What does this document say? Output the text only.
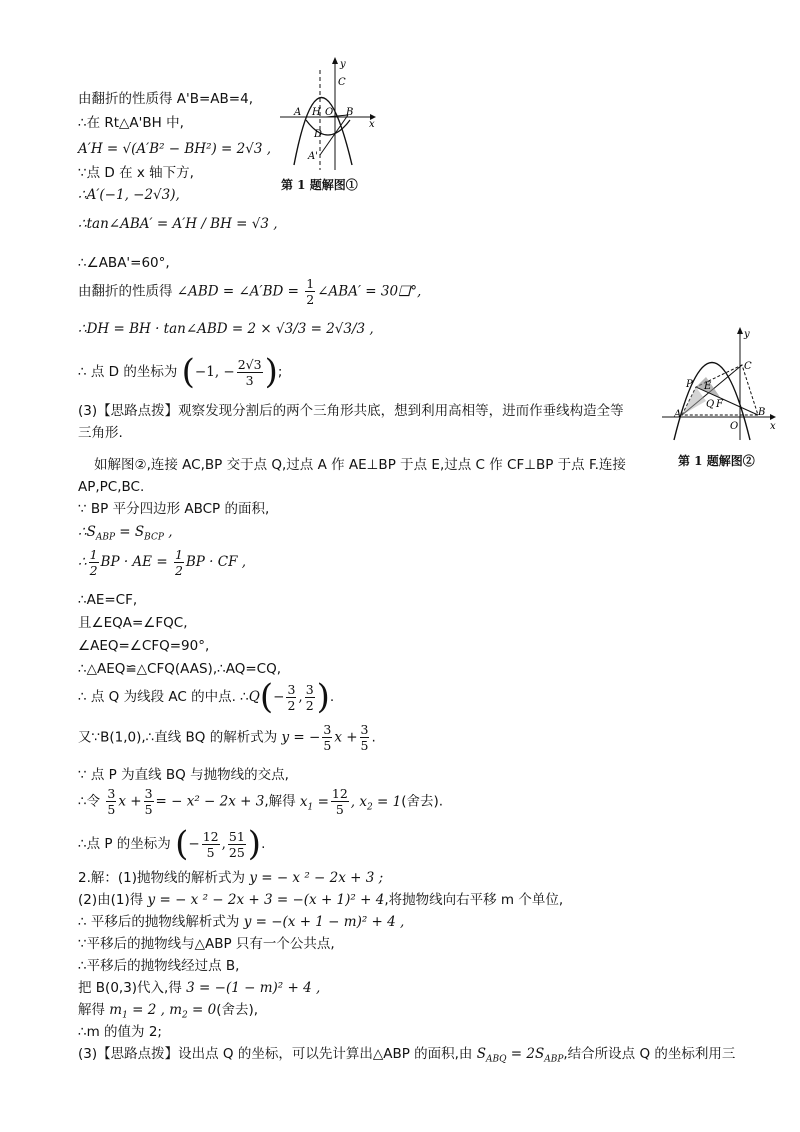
y
C
A H O B
x
D
A'
第 1 题解图①
y
C
P E
Q F
A
O
B
x
第 1 题解图②
由翻折的性质得 A'B=AB=4,
∴在 Rt△A'BH 中,
A′H = √(A′B² − BH²) = 2√3 ,
∵点 D 在 x 轴下方,
∴A′(−1, −2√3),
∴tan∠ABA′ = A′H / BH = √3 ,
∴∠ABA'=60°,
由翻折的性质得 ∠ABD = ∠A′BD = $\frac{1}{2}$ ∠ABA′ = 30❑°,
∴DH = BH · tan∠ABD = 2 × √3/3 = 2√3/3 ,
∴ 点 D 的坐标为 (−1, − $\frac{2√3}{3}$ );
(3)【思路点拨】观察发现分割后的两个三角形共底，想到利用高相等，进而作垂线构造全等
三角形.
如解图②,连接 AC,BP 交于点 Q,过点 A 作 AE⊥BP 于点 E,过点 C 作 CF⊥BP 于点 F.连接
AP,PC,BC.
∵ BP 平分四边形 ABCP 的面积,
$\therefore S_{ABP} = S_{BCP}$ ,
∴ $\frac{1}{2}$ BP · AE = $\frac{1}{2}$ BP · CF ,
∴AE=CF,
且∠EQA=∠FQC,
∠AEQ=∠CFQ=90°,
∴△AEQ≌△CFQ(AAS),∴AQ=CQ,
∴ 点 Q 为线段 AC 的中点. ∴Q(− $\frac{3}{2}$ , $\frac{3}{2}$ ).
又∵B(1,0),∴直线 BQ 的解析式为 y = − $\frac{3}{5}$ $x + \frac{3}{5}$ .
∵ 点 P 为直线 BQ 与抛物线的交点,
∴令 $\frac{3}{5}$ $x + \frac{3}{5}$ = − x² − 2x + 3,解得 $x_1 = \frac{12}{5}$ , $x_2 = 1$(舍去).
∴点 P 的坐标为 (− $\frac{12}{5}$ , $\frac{51}{25}$ ).
2.解：(1)抛物线的解析式为 y = − x ² − 2x + 3 ;
(2)由(1)得 y = − x ² − 2x + 3 = −(x + 1)² + 4,将抛物线向右平移 m 个单位,
∴ 平移后的抛物线解析式为 y = −(x + 1 − m)² + 4 ,
∵平移后的抛物线与△ABP 只有一个公共点,
∴平移后的抛物线经过点 B,
把 B(0,3)代入,得 3 = −(1 − m)² + 4 ,
解得 $m_1 = 2$ , $m_2 = 0$(舍去),
∴m 的值为 2;
(3)【思路点拨】设出点 Q 的坐标，可以先计算出△ABP 的面积,由 $S_{ABQ} = 2S_{ABP}$,结合所设点 Q 的坐标利用三
